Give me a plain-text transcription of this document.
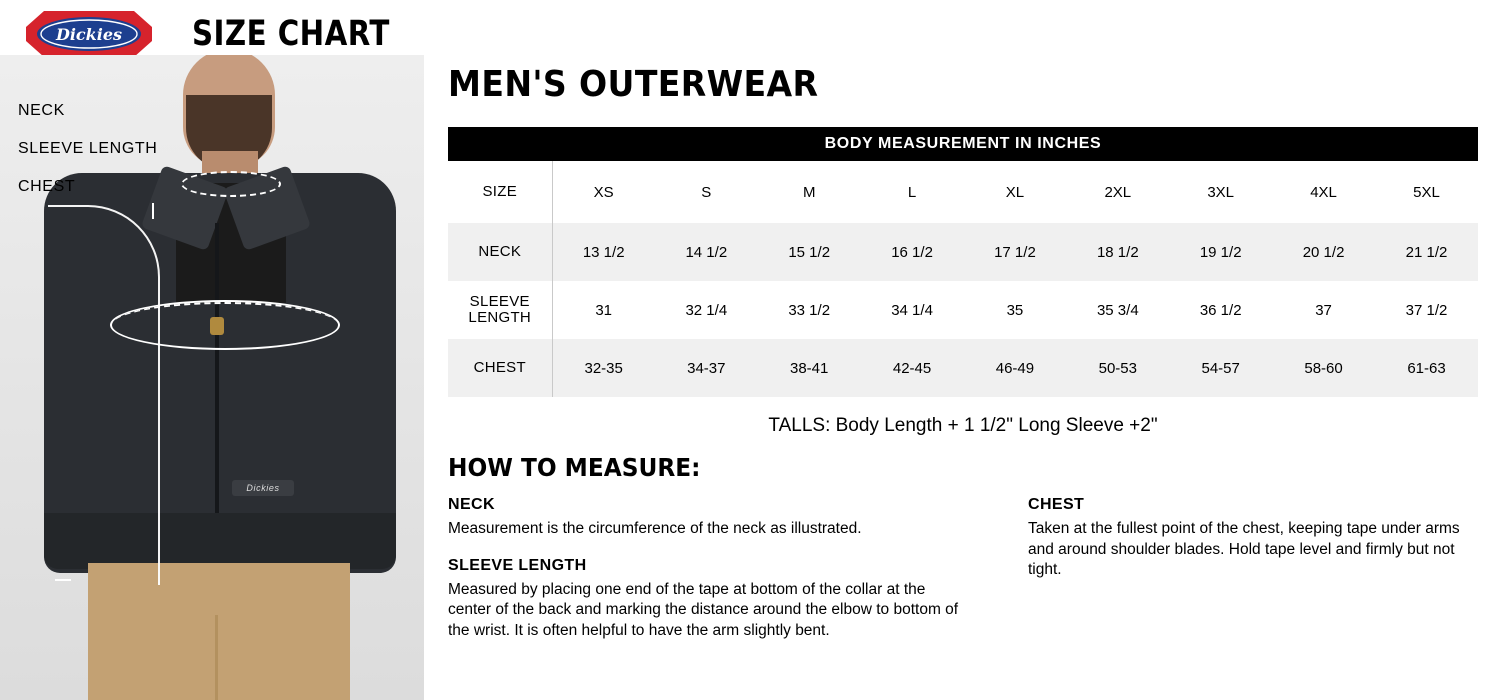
Dickies SIZE CHART
Dickies
NECK
SLEEVE LENGTH
CHEST
MEN'S OUTERWEAR
BODY MEASUREMENT IN INCHES
SIZE	XS	S	M	L	XL	2XL	3XL	4XL	5XL
NECK	13 1/2	14 1/2	15 1/2	16 1/2	17 1/2	18 1/2	19 1/2	20 1/2	21 1/2
SLEEVE LENGTH	31	32 1/4	33 1/2	34 1/4	35	35 3/4	36 1/2	37	37 1/2
CHEST	32-35	34-37	38-41	42-45	46-49	50-53	54-57	58-60	61-63
TALLS: Body Length + 1 1/2" Long Sleeve +2"
HOW TO MEASURE:
NECK
Measurement is the circumference of the neck as illustrated.
SLEEVE LENGTH
Measured by placing one end of the tape at bottom of the collar at the center of the back and marking the distance around the elbow to bottom of the wrist. It is often helpful to have the arm slightly bent.
CHEST
Taken at the fullest point of the chest, keeping tape under arms and around shoulder blades. Hold tape level and firmly but not tight.
